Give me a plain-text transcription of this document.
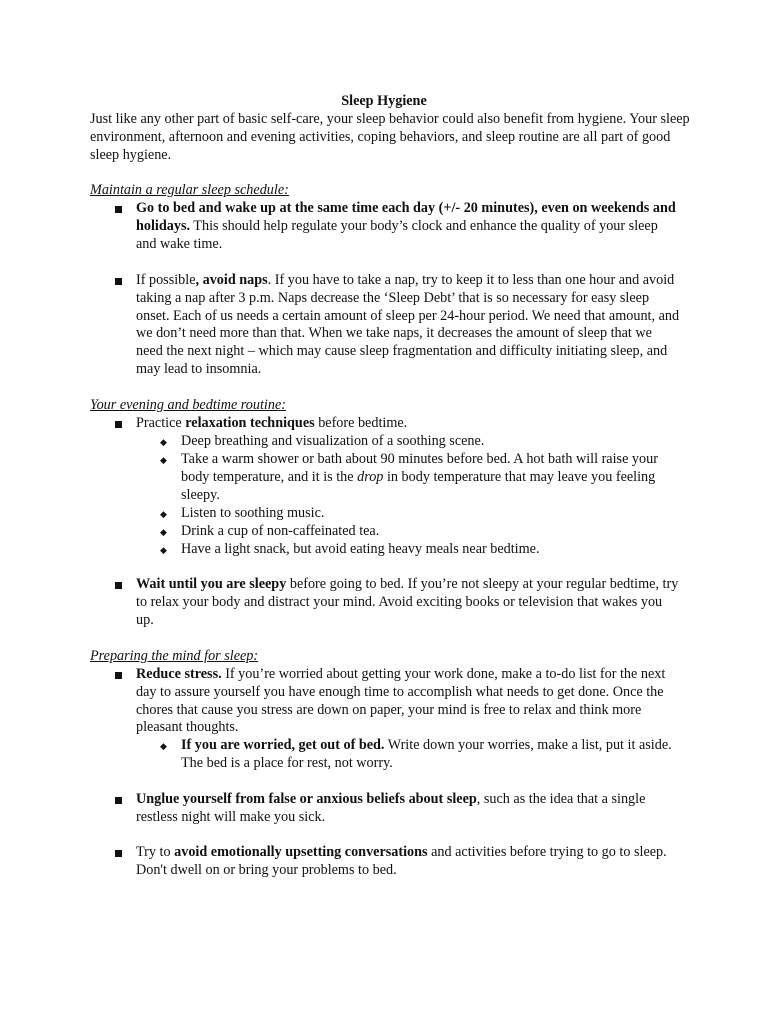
Sleep Hygiene
Just like any other part of basic self-care, your sleep behavior could also benefit from hygiene. Your sleep environment, afternoon and evening activities, coping behaviors, and sleep routine are all part of good sleep hygiene.
Maintain a regular sleep schedule:
Go to bed and wake up at the same time each day (+/- 20 minutes), even on weekends and holidays. This should help regulate your body’s clock and enhance the quality of your sleep and wake time.
If possible, avoid naps. If you have to take a nap, try to keep it to less than one hour and avoid taking a nap after 3 p.m. Naps decrease the ‘Sleep Debt’ that is so necessary for easy sleep onset. Each of us needs a certain amount of sleep per 24-hour period. We need that amount, and we don’t need more than that. When we take naps, it decreases the amount of sleep that we need the next night – which may cause sleep fragmentation and difficulty initiating sleep, and may lead to insomnia.
Your evening and bedtime routine:
Practice relaxation techniques before bedtime.
◆ Deep breathing and visualization of a soothing scene.
◆ Take a warm shower or bath about 90 minutes before bed. A hot bath will raise your body temperature, and it is the drop in body temperature that may leave you feeling sleepy.
◆ Listen to soothing music.
◆ Drink a cup of non-caffeinated tea.
◆ Have a light snack, but avoid eating heavy meals near bedtime.
Wait until you are sleepy before going to bed. If you’re not sleepy at your regular bedtime, try to relax your body and distract your mind. Avoid exciting books or television that wakes you up.
Preparing the mind for sleep:
Reduce stress. If you’re worried about getting your work done, make a to-do list for the next day to assure yourself you have enough time to accomplish what needs to get done. Once the chores that cause you stress are down on paper, your mind is free to relax and think more pleasant thoughts.
◆ If you are worried, get out of bed. Write down your worries, make a list, put it aside. The bed is a place for rest, not worry.
Unglue yourself from false or anxious beliefs about sleep, such as the idea that a single restless night will make you sick.
Try to avoid emotionally upsetting conversations and activities before trying to go to sleep. Don't dwell on or bring your problems to bed.
